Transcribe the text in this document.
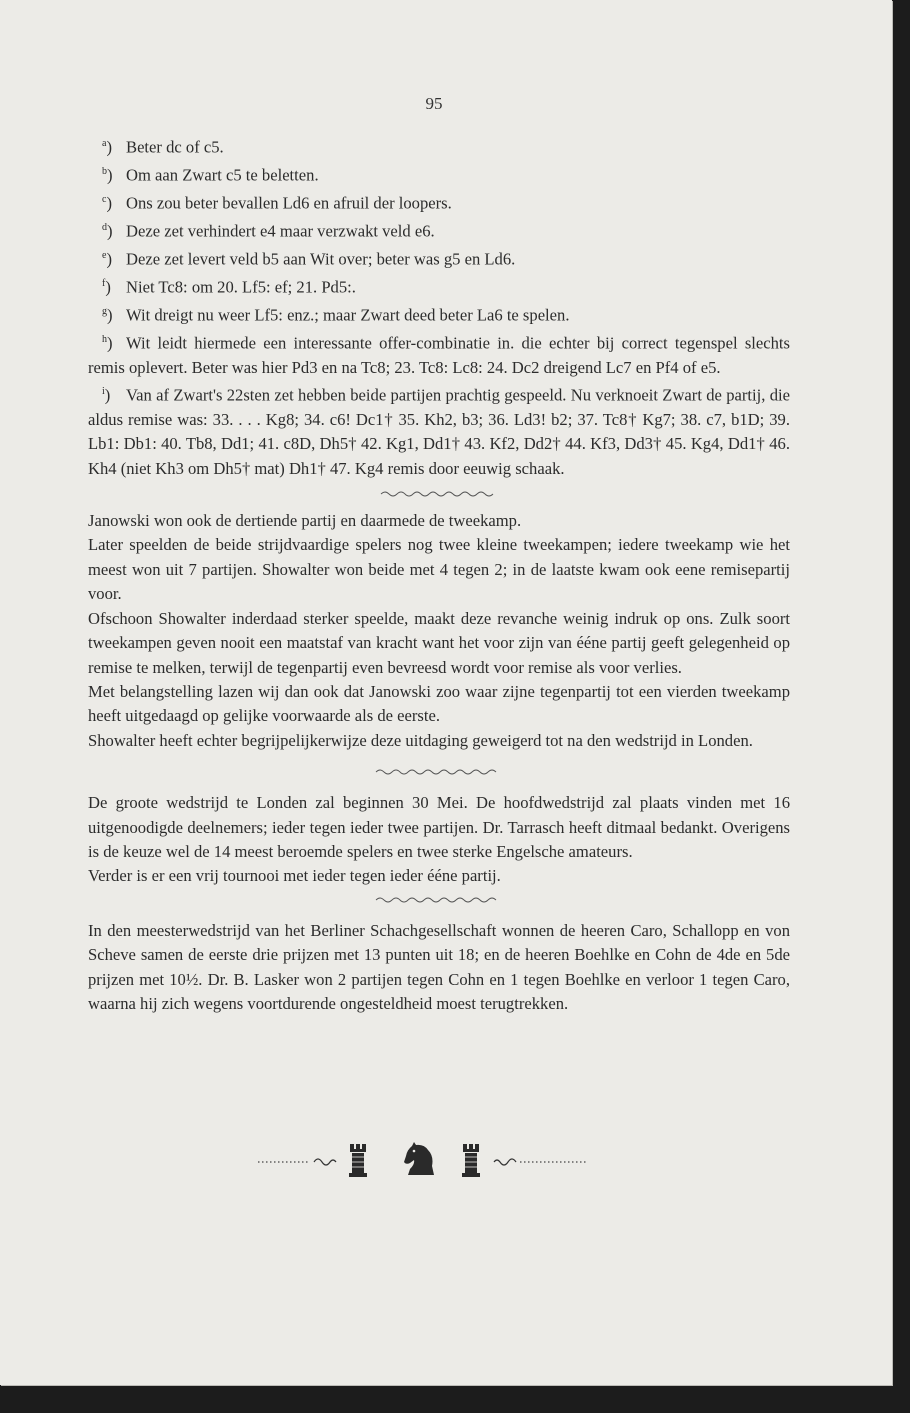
95
$^a$) Beter dc of c5.
$^b$) Om aan Zwart c5 te beletten.
$^c$) Ons zou beter bevallen Ld6 en afruil der loopers.
$^d$) Deze zet verhindert e4 maar verzwakt veld e6.
$^e$) Deze zet levert veld b5 aan Wit over; beter was g5 en Ld6.
$^f$) Niet Tc8: om 20. Lf5: ef; 21. Pd5:.
$^g$) Wit dreigt nu weer Lf5: enz.; maar Zwart deed beter La6 te spelen.
$^h$) Wit leidt hiermede een interessante offer-combinatie in. die echter bij correct tegenspel slechts remis oplevert. Beter was hier Pd3 en na Tc8; 23. Tc8: Lc8: 24. Dc2 dreigend Lc7 en Pf4 of e5.
$^i$) Van af Zwart's 22sten zet hebben beide partijen prachtig gespeeld. Nu verknoeit Zwart de partij, die aldus remise was: 33. . . . Kg8; 34. c6! Dc1† 35. Kh2, b3; 36. Ld3! b2; 37. Tc8† Kg7; 38. c7, b1D; 39. Lb1: Db1: 40. Tb8, Dd1; 41. c8D, Dh5† 42. Kg1, Dd1† 43. Kf2, Dd2† 44. Kf3, Dd3† 45. Kg4, Dd1† 46. Kh4 (niet Kh3 om Dh5† mat) Dh1† 47. Kg4 remis door eeuwig schaak.

Janowski won ook de dertiende partij en daarmede de tweekamp.

Later speelden de beide strijdvaardige spelers nog twee kleine tweekampen; iedere tweekamp wie het meest won uit 7 partijen. Showalter won beide met 4 tegen 2; in de laatste kwam ook eene remisepartij voor.

Ofschoon Showalter inderdaad sterker speelde, maakt deze revanche weinig indruk op ons. Zulk soort tweekampen geven nooit een maatstaf van kracht want het voor zijn van ééne partij geeft gelegenheid op remise te melken, terwijl de tegenpartij even bevreesd wordt voor remise als voor verlies.

Met belangstelling lazen wij dan ook dat Janowski zoo waar zijne tegenpartij tot een vierden tweekamp heeft uitgedaagd op gelijke voorwaarde als de eerste.

Showalter heeft echter begrijpelijkerwijze deze uitdaging geweigerd tot na den wedstrijd in Londen.

De groote wedstrijd te Londen zal beginnen 30 Mei. De hoofdwedstrijd zal plaats vinden met 16 uitgenoodigde deelnemers; ieder tegen ieder twee partijen. Dr. Tarrasch heeft ditmaal bedankt. Overigens is de keuze wel de 14 meest beroemde spelers en twee sterke Engelsche amateurs.

Verder is er een vrij tournooi met ieder tegen ieder ééne partij.

In den meesterwedstrijd van het Berliner Schachgesellschaft wonnen de heeren Caro, Schallopp en von Scheve samen de eerste drie prijzen met 13 punten uit 18; en de heeren Boehlke en Cohn de 4de en 5de prijzen met 10½. Dr. B. Lasker won 2 partijen tegen Cohn en 1 tegen Boehlke en verloor 1 tegen Caro, waarna hij zich wegens voortdurende ongesteldheid moest terugtrekken.
